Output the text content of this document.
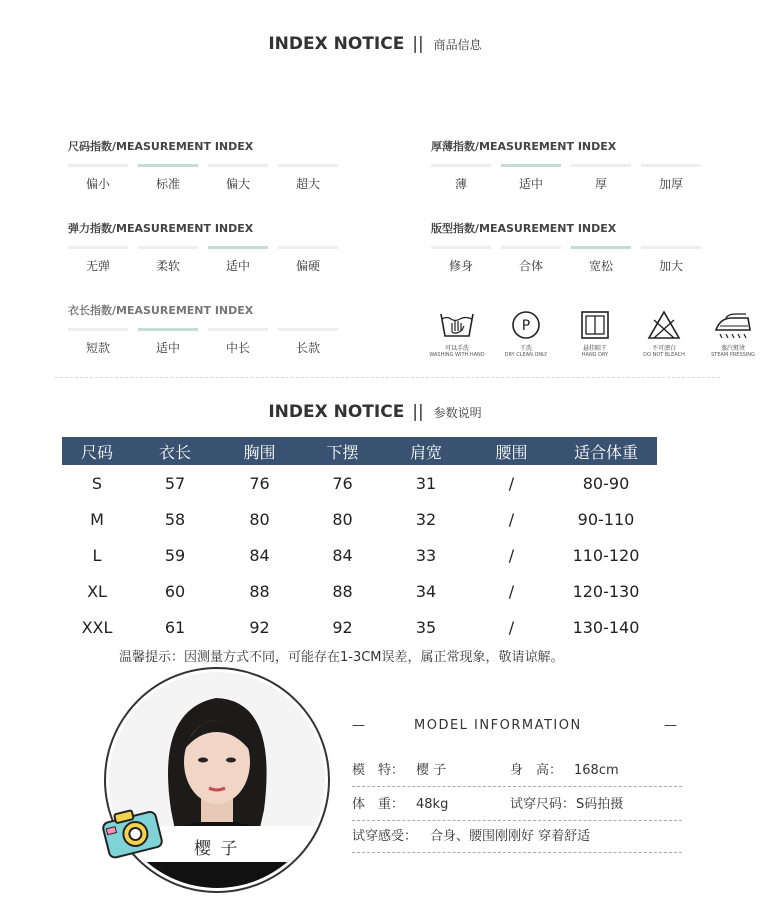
INDEX NOTICE || 商品信息
尺码指数/MEASUREMENT INDEX
偏小	标准	偏大	超大
厚薄指数/MEASUREMENT INDEX
薄	适中	厚	加厚
弹力指数/MEASUREMENT INDEX
无弹	柔软	适中	偏硬
版型指数/MEASUREMENT INDEX
修身	合体	宽松	加大
衣长指数/MEASUREMENT INDEX
短款	适中	中长	长款	可以手洗
WASHING WITH HAND
P
干洗
DRY CLEAN ONLY
悬挂晾干
HANG DRY
不可漂白
DO NOT BLEACH
蒸汽熨烫
STEAM PRESSING
INDEX NOTICE || 参数说明
尺码	衣长	胸围	下摆	肩宽	腰围	适合体重
S	57	76	76	31	/	80-90
M	58	80	80	32	/	90-110
L	59	84	84	33	/	110-120
XL	60	88	88	34	/	120-130
XXL	61	92	92	35	/	130-140
温馨提示：因测量方式不同，可能存在1-3CM误差，属正常现象，敬请谅解。
樱 子
—	MODEL INFORMATION	—
模　特： 樱 子	身　高： 168cm
体　重： 48kg	试穿尺码： S码拍摄
试穿感受： 合身、腰围刚刚好 穿着舒适
